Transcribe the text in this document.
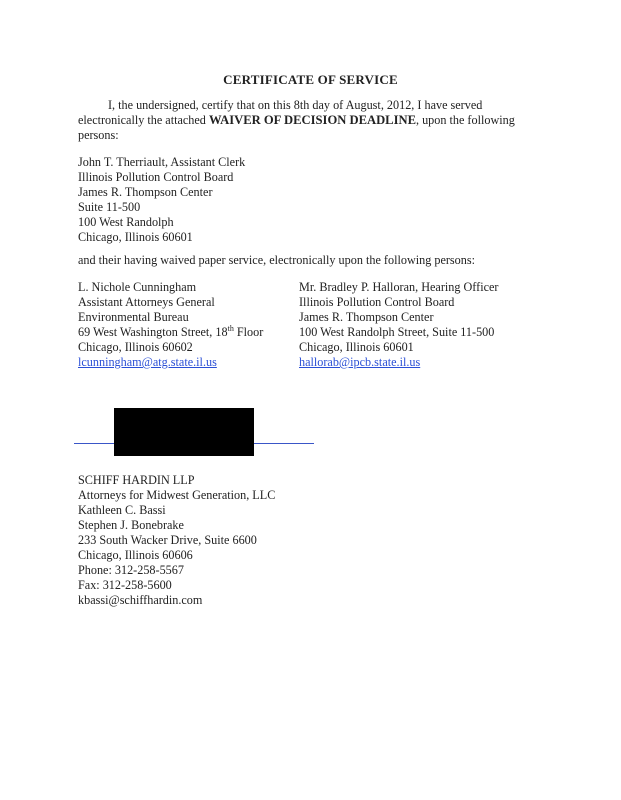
CERTIFICATE OF SERVICE
I, the undersigned, certify that on this 8th day of August, 2012, I have served electronically the attached WAIVER OF DECISION DEADLINE, upon the following persons:
John T. Therriault, Assistant Clerk
Illinois Pollution Control Board
James R. Thompson Center
Suite 11-500
100 West Randolph
Chicago, Illinois 60601
and their having waived paper service, electronically upon the following persons:
L. Nichole Cunningham
Assistant Attorneys General
Environmental Bureau
69 West Washington Street, 18th Floor
Chicago, Illinois 60602
lcunningham@atg.state.il.us
Mr. Bradley P. Halloran, Hearing Officer
Illinois Pollution Control Board
James R. Thompson Center
100 West Randolph Street, Suite 11-500
Chicago, Illinois 60601
hallorab@ipcb.state.il.us
SCHIFF HARDIN LLP
Attorneys for Midwest Generation, LLC
Kathleen C. Bassi
Stephen J. Bonebrake
233 South Wacker Drive, Suite 6600
Chicago, Illinois 60606
Phone: 312-258-5567
Fax: 312-258-5600
kbassi@schiffhardin.com
